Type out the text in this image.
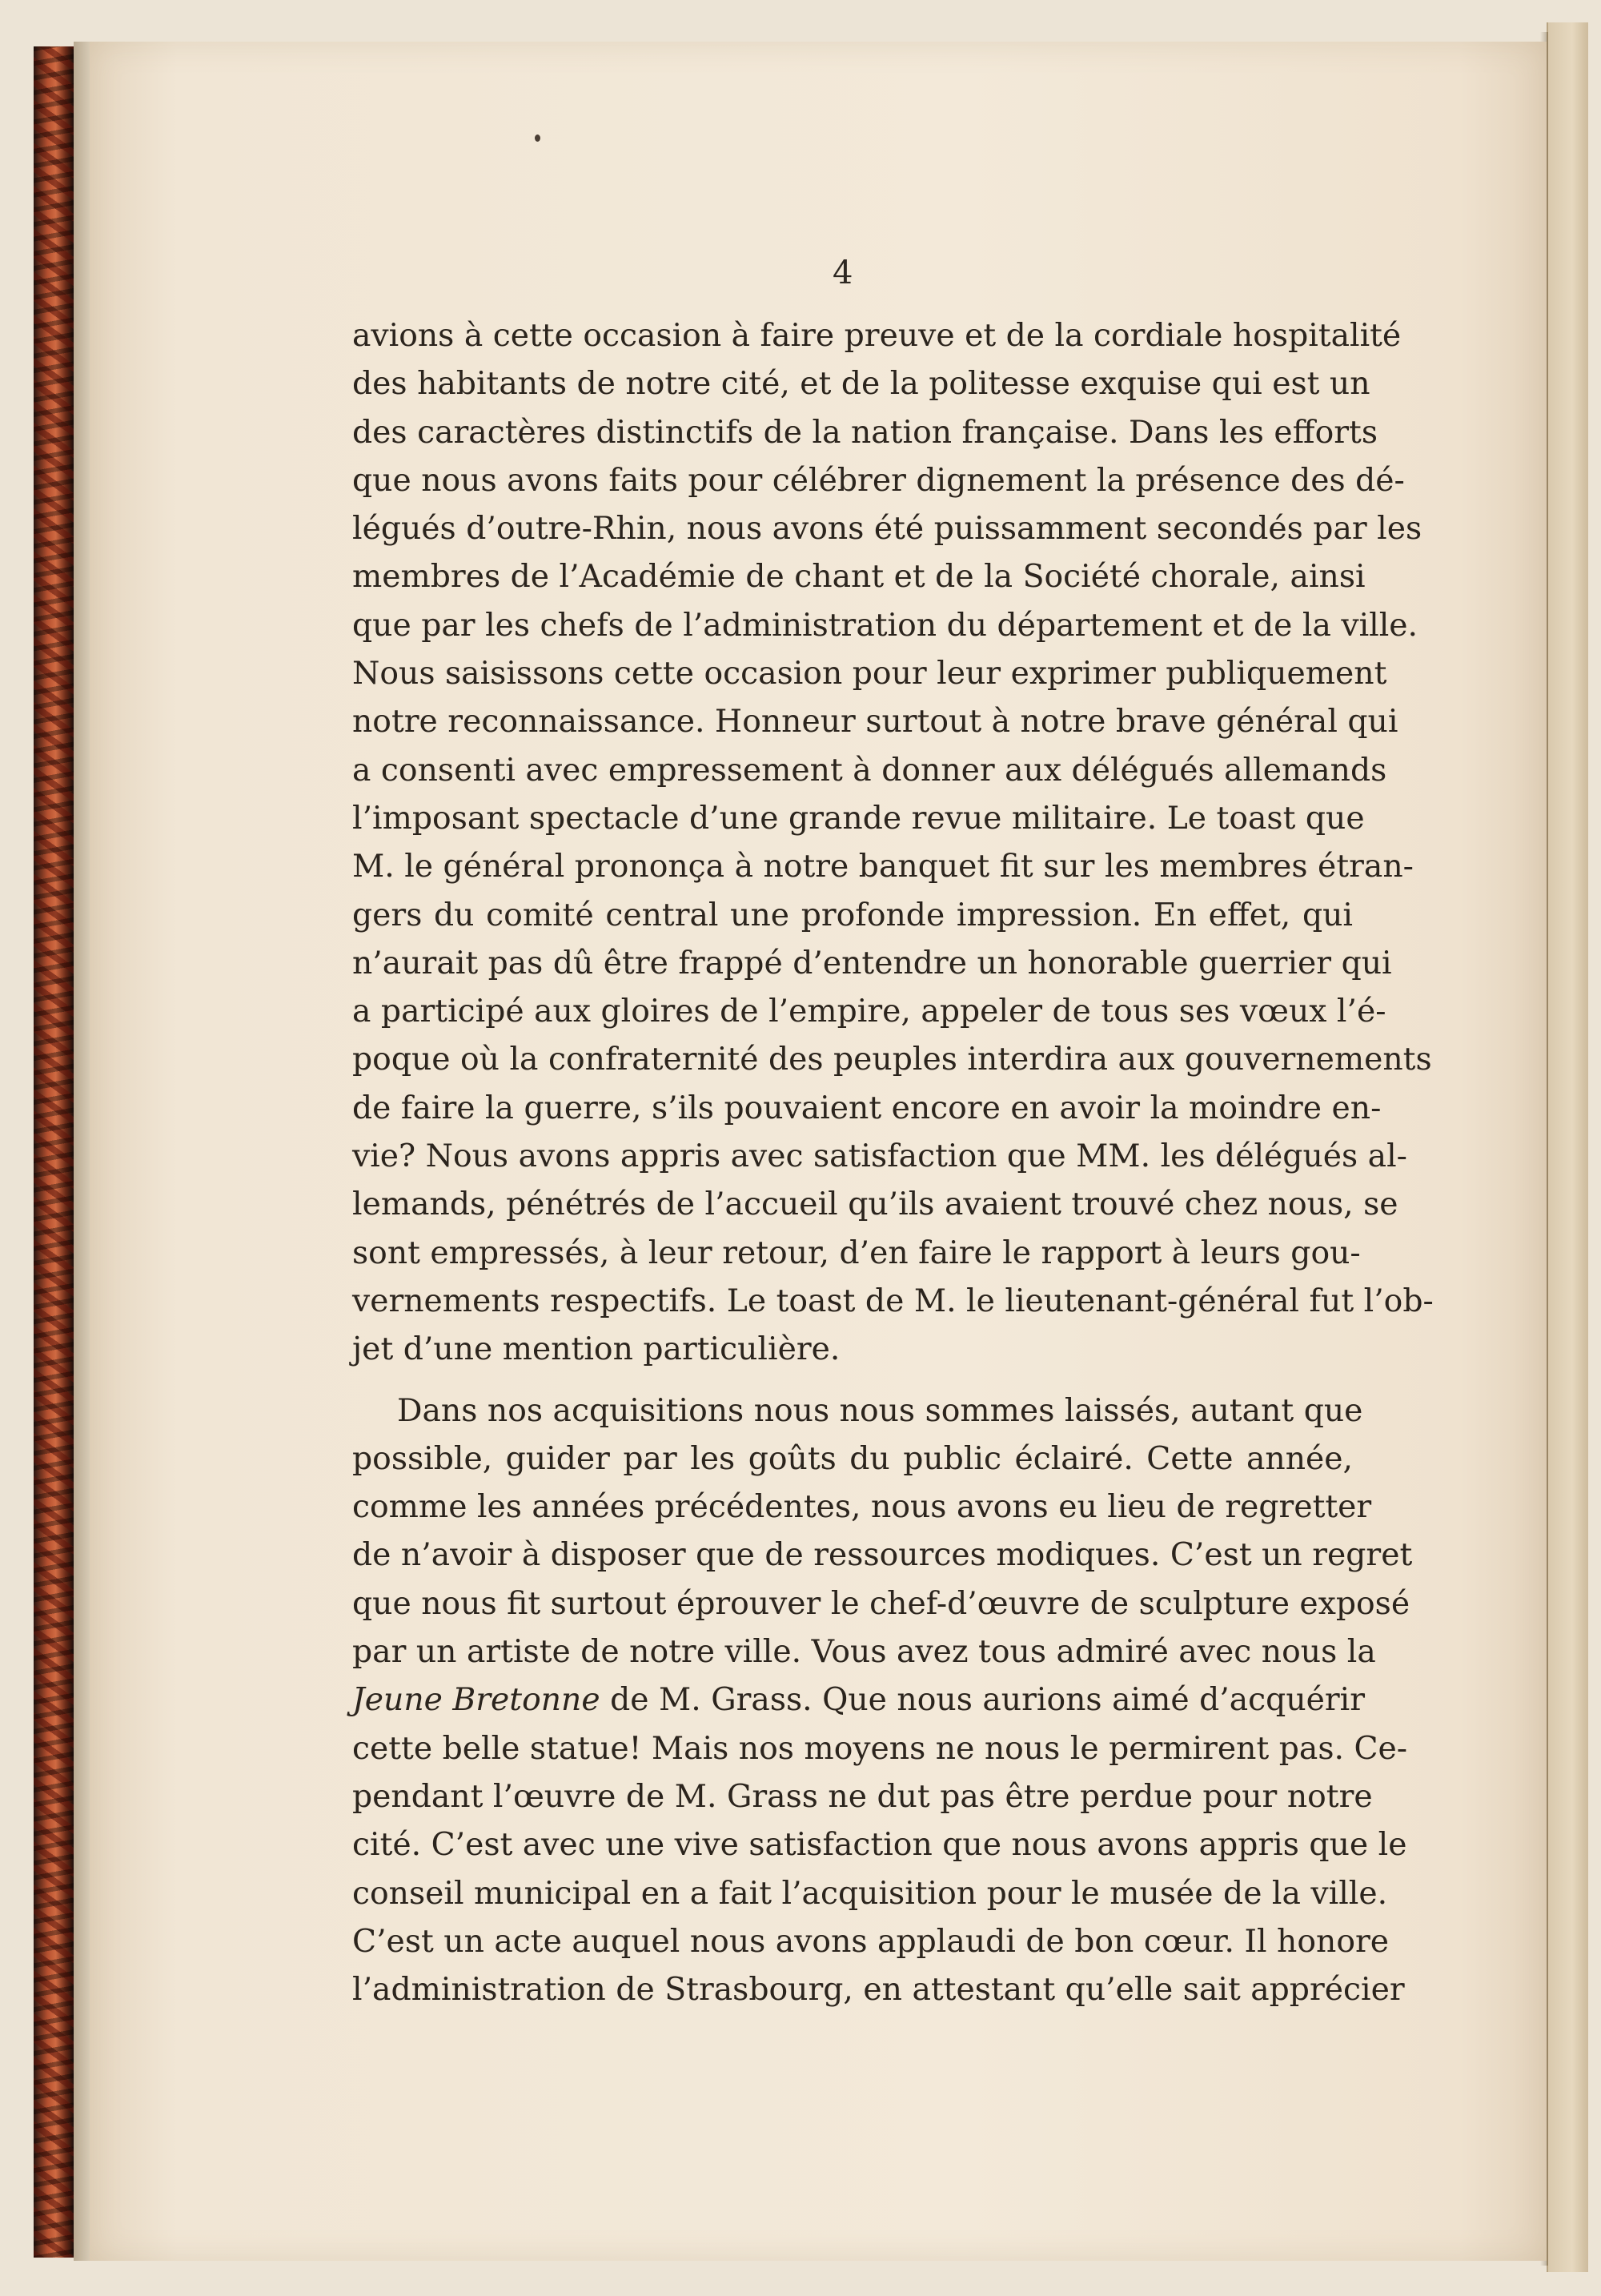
4
avions à cette occasion à faire preuve et de la cordiale hospitalité
des habitants de notre cité, et de la politesse exquise qui est un
des caractères distinctifs de la nation française. Dans les efforts
que nous avons faits pour célébrer dignement la présence des dé-
légués d’outre-Rhin, nous avons été puissamment secondés par les
membres de l’Académie de chant et de la Société chorale, ainsi
que par les chefs de l’administration du département et de la ville.
Nous saisissons cette occasion pour leur exprimer publiquement
notre reconnaissance. Honneur surtout à notre brave général qui
a consenti avec empressement à donner aux délégués allemands
l’imposant spectacle d’une grande revue militaire. Le toast que
M. le général prononça à notre banquet fit sur les membres étran-
gers du comité central une profonde impression. En effet, qui
n’aurait pas dû être frappé d’entendre un honorable guerrier qui
a participé aux gloires de l’empire, appeler de tous ses vœux l’é-
poque où la confraternité des peuples interdira aux gouvernements
de faire la guerre, s’ils pouvaient encore en avoir la moindre en-
vie? Nous avons appris avec satisfaction que MM. les délégués al-
lemands, pénétrés de l’accueil qu’ils avaient trouvé chez nous, se
sont empressés, à leur retour, d’en faire le rapport à leurs gou-
vernements respectifs. Le toast de M. le lieutenant-général fut l’ob-
jet d’une mention particulière.
Dans nos acquisitions nous nous sommes laissés, autant que
possible, guider par les goûts du public éclairé. Cette année,
comme les années précédentes, nous avons eu lieu de regretter
de n’avoir à disposer que de ressources modiques. C’est un regret
que nous fit surtout éprouver le chef-d’œuvre de sculpture exposé
par un artiste de notre ville. Vous avez tous admiré avec nous la
Jeune Bretonne de M. Grass. Que nous aurions aimé d’acquérir
cette belle statue! Mais nos moyens ne nous le permirent pas. Ce-
pendant l’œuvre de M. Grass ne dut pas être perdue pour notre
cité. C’est avec une vive satisfaction que nous avons appris que le
conseil municipal en a fait l’acquisition pour le musée de la ville.
C’est un acte auquel nous avons applaudi de bon cœur. Il honore
l’administration de Strasbourg, en attestant qu’elle sait apprécier
